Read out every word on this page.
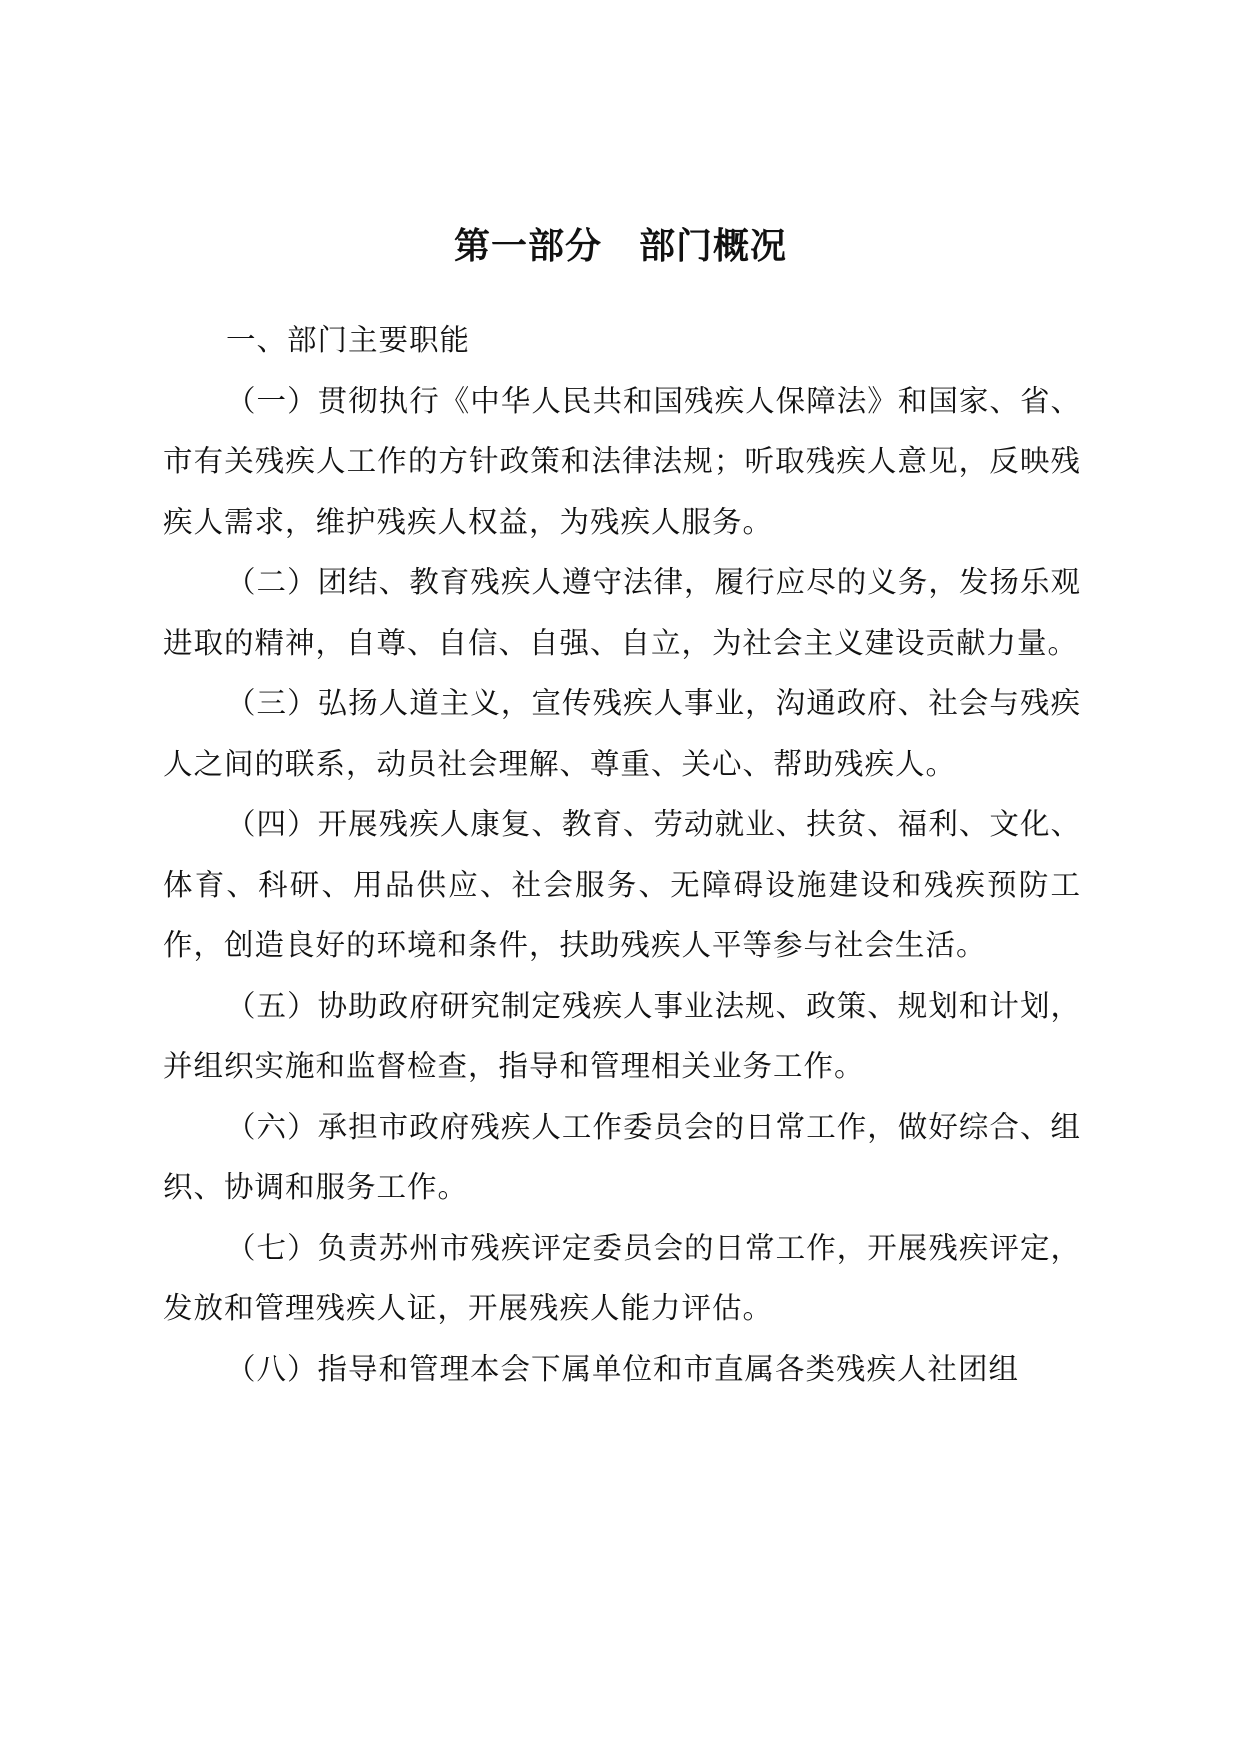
第一部分　部门概况

一、部门主要职能

（一）贯彻执行《中华人民共和国残疾人保障法》和国家、省、市有关残疾人工作的方针政策和法律法规；听取残疾人意见，反映残疾人需求，维护残疾人权益，为残疾人服务。

（二）团结、教育残疾人遵守法律，履行应尽的义务，发扬乐观进取的精神，自尊、自信、自强、自立，为社会主义建设贡献力量。

（三）弘扬人道主义，宣传残疾人事业，沟通政府、社会与残疾人之间的联系，动员社会理解、尊重、关心、帮助残疾人。

（四）开展残疾人康复、教育、劳动就业、扶贫、福利、文化、体育、科研、用品供应、社会服务、无障碍设施建设和残疾预防工作，创造良好的环境和条件，扶助残疾人平等参与社会生活。

（五）协助政府研究制定残疾人事业法规、政策、规划和计划，并组织实施和监督检查，指导和管理相关业务工作。

（六）承担市政府残疾人工作委员会的日常工作，做好综合、组织、协调和服务工作。

（七）负责苏州市残疾评定委员会的日常工作，开展残疾评定，发放和管理残疾人证，开展残疾人能力评估。

（八）指导和管理本会下属单位和市直属各类残疾人社团组
